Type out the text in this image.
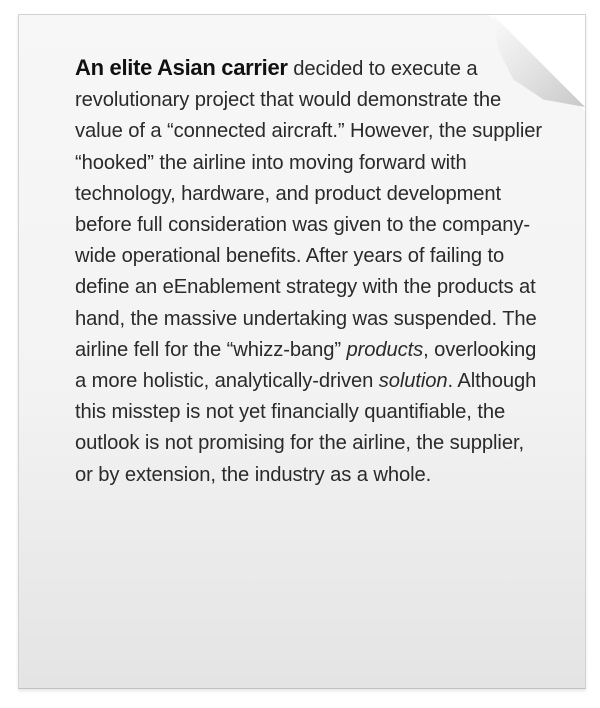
An elite Asian carrier decided to execute a revolutionary project that would demonstrate the value of a “connected aircraft.” However, the supplier “hooked” the airline into moving forward with technology, hardware, and product development before full consideration was given to the company-wide operational benefits. After years of failing to define an eEnablement strategy with the products at hand, the massive undertaking was suspended. The airline fell for the “whizz-bang” products, overlooking a more holistic, analytically-driven solution. Although this misstep is not yet financially quantifiable, the outlook is not promising for the airline, the supplier, or by extension, the industry as a whole.
